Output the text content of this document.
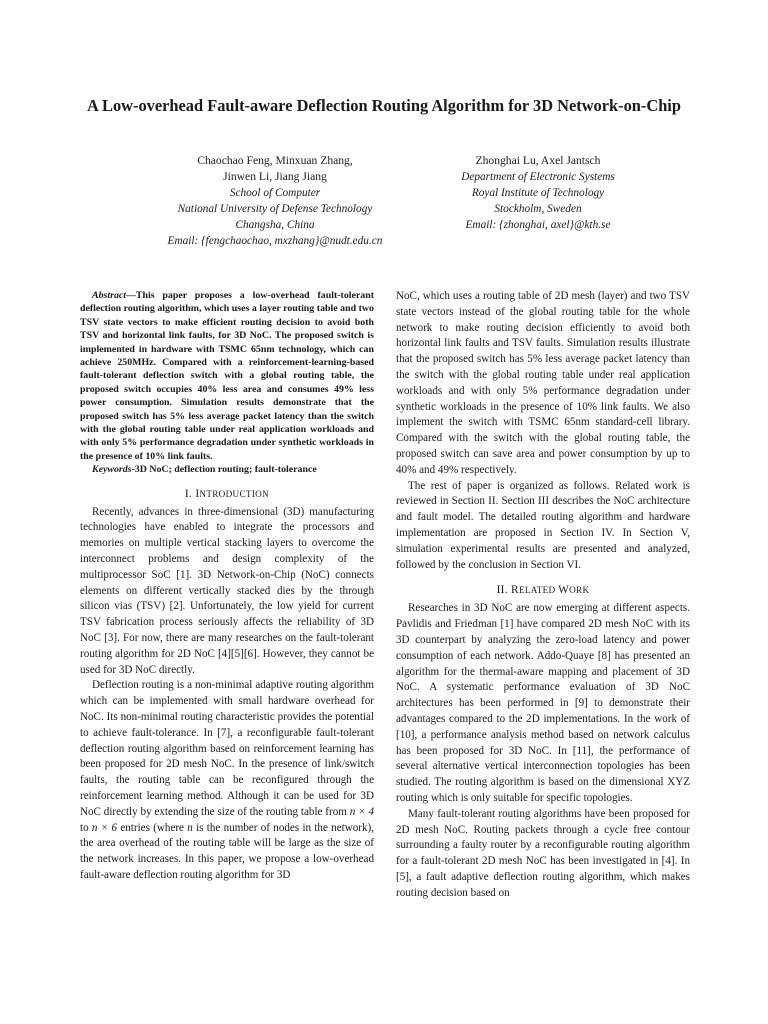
A Low-overhead Fault-aware Deflection Routing Algorithm for 3D Network-on-Chip
Chaochao Feng, Minxuan Zhang,
Jinwen Li, Jiang Jiang
School of Computer
National University of Defense Technology
Changsha, China
Email: {fengchaochao, mxzhang}@nudt.edu.cn
Zhonghai Lu, Axel Jantsch
Department of Electronic Systems
Royal Institute of Technology
Stockholm, Sweden
Email: {zhonghai, axel}@kth.se

Abstract—This paper proposes a low-overhead fault-tolerant deflection routing algorithm, which uses a layer routing table and two TSV state vectors to make efficient routing decision to avoid both TSV and horizontal link faults, for 3D NoC. The proposed switch is implemented in hardware with TSMC 65nm technology, which can achieve 250MHz. Compared with a reinforcement-learning-based fault-tolerant deflection switch with a global routing table, the proposed switch occupies 40% less area and consumes 49% less power consumption. Simulation results demonstrate that the proposed switch has 5% less average packet latency than the switch with the global routing table under real application workloads and with only 5% performance degradation under synthetic workloads in the presence of 10% link faults.

Keywords-3D NoC; deflection routing; fault-tolerance

I. INTRODUCTION

Recently, advances in three-dimensional (3D) manufacturing technologies have enabled to integrate the processors and memories on multiple vertical stacking layers to overcome the interconnect problems and design complexity of the multiprocessor SoC [1]. 3D Network-on-Chip (NoC) connects elements on different vertically stacked dies by the through silicon vias (TSV) [2]. Unfortunately, the low yield for current TSV fabrication process seriously affects the reliability of 3D NoC [3]. For now, there are many researches on the fault-tolerant routing algorithm for 2D NoC [4][5][6]. However, they cannot be used for 3D NoC directly.

Deflection routing is a non-minimal adaptive routing algorithm which can be implemented with small hardware overhead for NoC. Its non-minimal routing characteristic provides the potential to achieve fault-tolerance. In [7], a reconfigurable fault-tolerant deflection routing algorithm based on reinforcement learning has been proposed for 2D mesh NoC. In the presence of link/switch faults, the routing table can be reconfigured through the reinforcement learning method. Although it can be used for 3D NoC directly by extending the size of the routing table from n × 4 to n × 6 entries (where n is the number of nodes in the network), the area overhead of the routing table will be large as the size of the network increases. In this paper, we propose a low-overhead fault-aware deflection routing algorithm for 3D

NoC, which uses a routing table of 2D mesh (layer) and two TSV state vectors instead of the global routing table for the whole network to make routing decision efficiently to avoid both horizontal link faults and TSV faults. Simulation results illustrate that the proposed switch has 5% less average packet latency than the switch with the global routing table under real application workloads and with only 5% performance degradation under synthetic workloads in the presence of 10% link faults. We also implement the switch with TSMC 65nm standard-cell library. Compared with the switch with the global routing table, the proposed switch can save area and power consumption by up to 40% and 49% respectively.

The rest of paper is organized as follows. Related work is reviewed in Section II. Section III describes the NoC architecture and fault model. The detailed routing algorithm and hardware implementation are proposed in Section IV. In Section V, simulation experimental results are presented and analyzed, followed by the conclusion in Section VI.

II. RELATED WORK

Researches in 3D NoC are now emerging at different aspects. Pavlidis and Friedman [1] have compared 2D mesh NoC with its 3D counterpart by analyzing the zero-load latency and power consumption of each network. Addo-Quaye [8] has presented an algorithm for the thermal-aware mapping and placement of 3D NoC. A systematic performance evaluation of 3D NoC architectures has been performed in [9] to demonstrate their advantages compared to the 2D implementations. In the work of [10], a performance analysis method based on network calculus has been proposed for 3D NoC. In [11], the performance of several alternative vertical interconnection topologies has been studied. The routing algorithm is based on the dimensional XYZ routing which is only suitable for specific topologies.

Many fault-tolerant routing algorithms have been proposed for 2D mesh NoC. Routing packets through a cycle free contour surrounding a faulty router by a reconfigurable routing algorithm for a fault-tolerant 2D mesh NoC has been investigated in [4]. In [5], a fault adaptive deflection routing algorithm, which makes routing decision based on
